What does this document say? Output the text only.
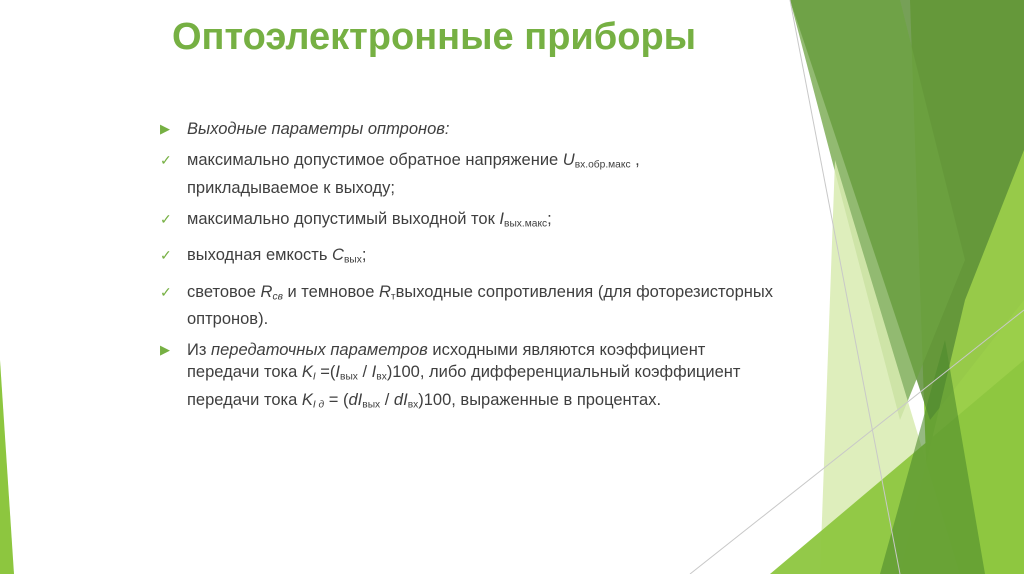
Оптоэлектронные приборы
▶ Выходные параметры оптронов:
✓ максимально допустимое обратное напряжение $U_{вх.обр.макс}$ ,
прикладываемое к выходу;
✓ максимально допустимый выходной ток $I_{вых.макс}$;
✓ выходная емкость $C_{вых}$;
✓ световое $R_{св}$ и темновое $R_твыходные$ сопротивления (для фоторезисторных
оптронов).
▶ Из передаточных параметров исходными являются коэффициент
передачи тока $K_I =(I_{вых} / I_{вх})100$, либо дифференциальный коэффициент
передачи тока $K_{I д} = (dI_{вых} / dI_{вх})100$, выраженные в процентах.
